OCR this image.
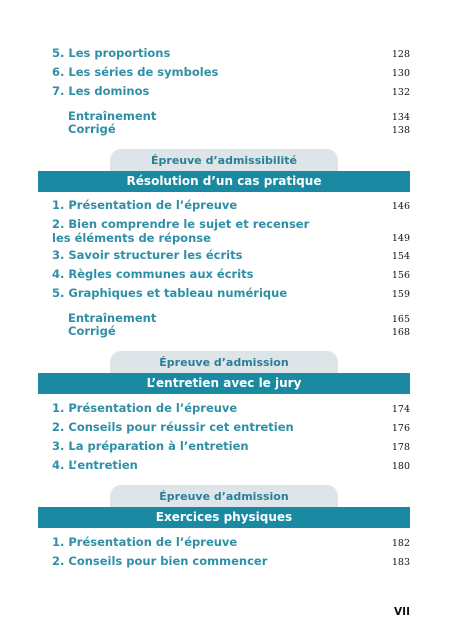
5. Les proportions	128
6. Les séries de symboles	130
7. Les dominos	132
Entraînement	134
Corrigé	138
Épreuve d’admissibilité
Résolution d’un cas pratique
1. Présentation de l’épreuve	146
2. Bien comprendre le sujet et recenser
les éléments de réponse	149
3. Savoir structurer les écrits	154
4. Règles communes aux écrits	156
5. Graphiques et tableau numérique	159
Entraînement	165
Corrigé	168
Épreuve d’admission
L’entretien avec le jury
1. Présentation de l’épreuve	174
2. Conseils pour réussir cet entretien	176
3. La préparation à l’entretien	178
4. L’entretien	180
Épreuve d’admission
Exercices physiques
1. Présentation de l’épreuve	182
2. Conseils pour bien commencer	183
VII
